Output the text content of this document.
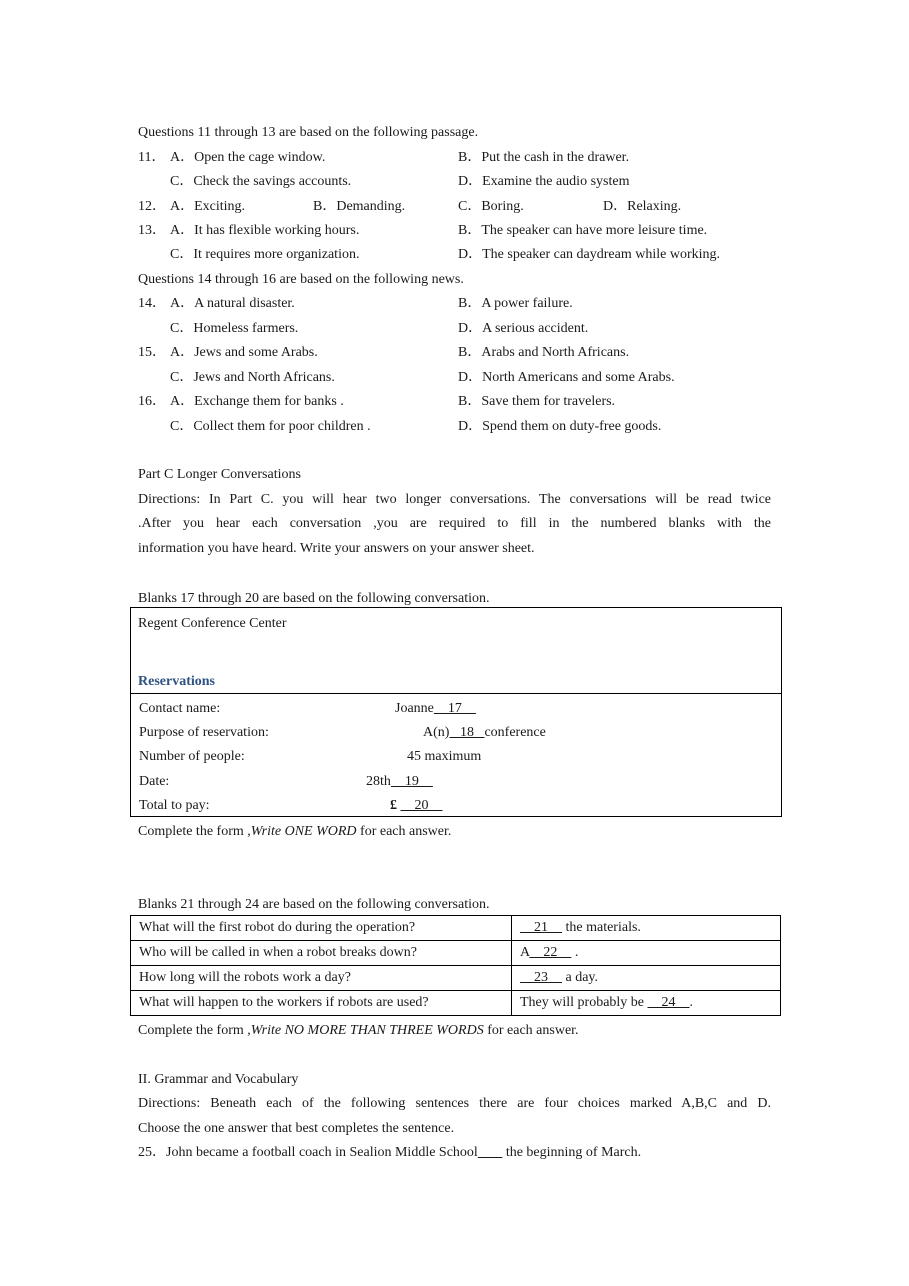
Questions 11 through 13 are based on the following passage.
11． A．Open the cage window.	B．Put the cash in the drawer.
C．Check the savings accounts.	D．Examine the audio system
12． A．Exciting.	B．Demanding.	C．Boring.	D．Relaxing.
13． A．It has flexible working hours.	B．The speaker can have more leisure time.
C．It requires more organization.	D．The speaker can daydream while working.
Questions 14 through 16 are based on the following news.
14． A．A natural disaster.	B．A power failure.
C．Homeless farmers.	D．A serious accident.
15． A．Jews and some Arabs.	B．Arabs and North Africans.
C．Jews and North Africans.	D．North Americans and some Arabs.
16． A．Exchange them for banks .	B．Save them for travelers.
C．Collect them for poor children .	D．Spend them on duty-free goods.
Part C Longer Conversations
Directions: In Part C. you will hear two longer conversations. The conversations will be read twice
.After you hear each conversation ,you are required to fill in the numbered blanks with the
information you have heard. Write your answers on your answer sheet.
Blanks 17 through 20 are based on the following conversation.
Regent Conference Center
Reservations
Contact name:	Joanne    17
Purpose of reservation:	A(n)   18   conference
Number of people:	45 maximum
Date:	28th    19
Total to pay:	£     20
Complete the form ,Write ONE WORD for each answer.
Blanks 21 through 24 are based on the following conversation.
What will the first robot do during the operation?	21     the materials.
Who will be called in when a robot breaks down?	A    22     .
How long will the robots work a day?	23     a day.
What will happen to the workers if robots are used?	They will probably be     24    .
Complete the form ,Write NO MORE THAN THREE WORDS for each answer.
II. Grammar and Vocabulary
Directions: Beneath each of the following sentences there are four choices marked A,B,C and D.
Choose the one answer that best completes the sentence.
25．John became a football coach in Sealion Middle School        the beginning of March.
